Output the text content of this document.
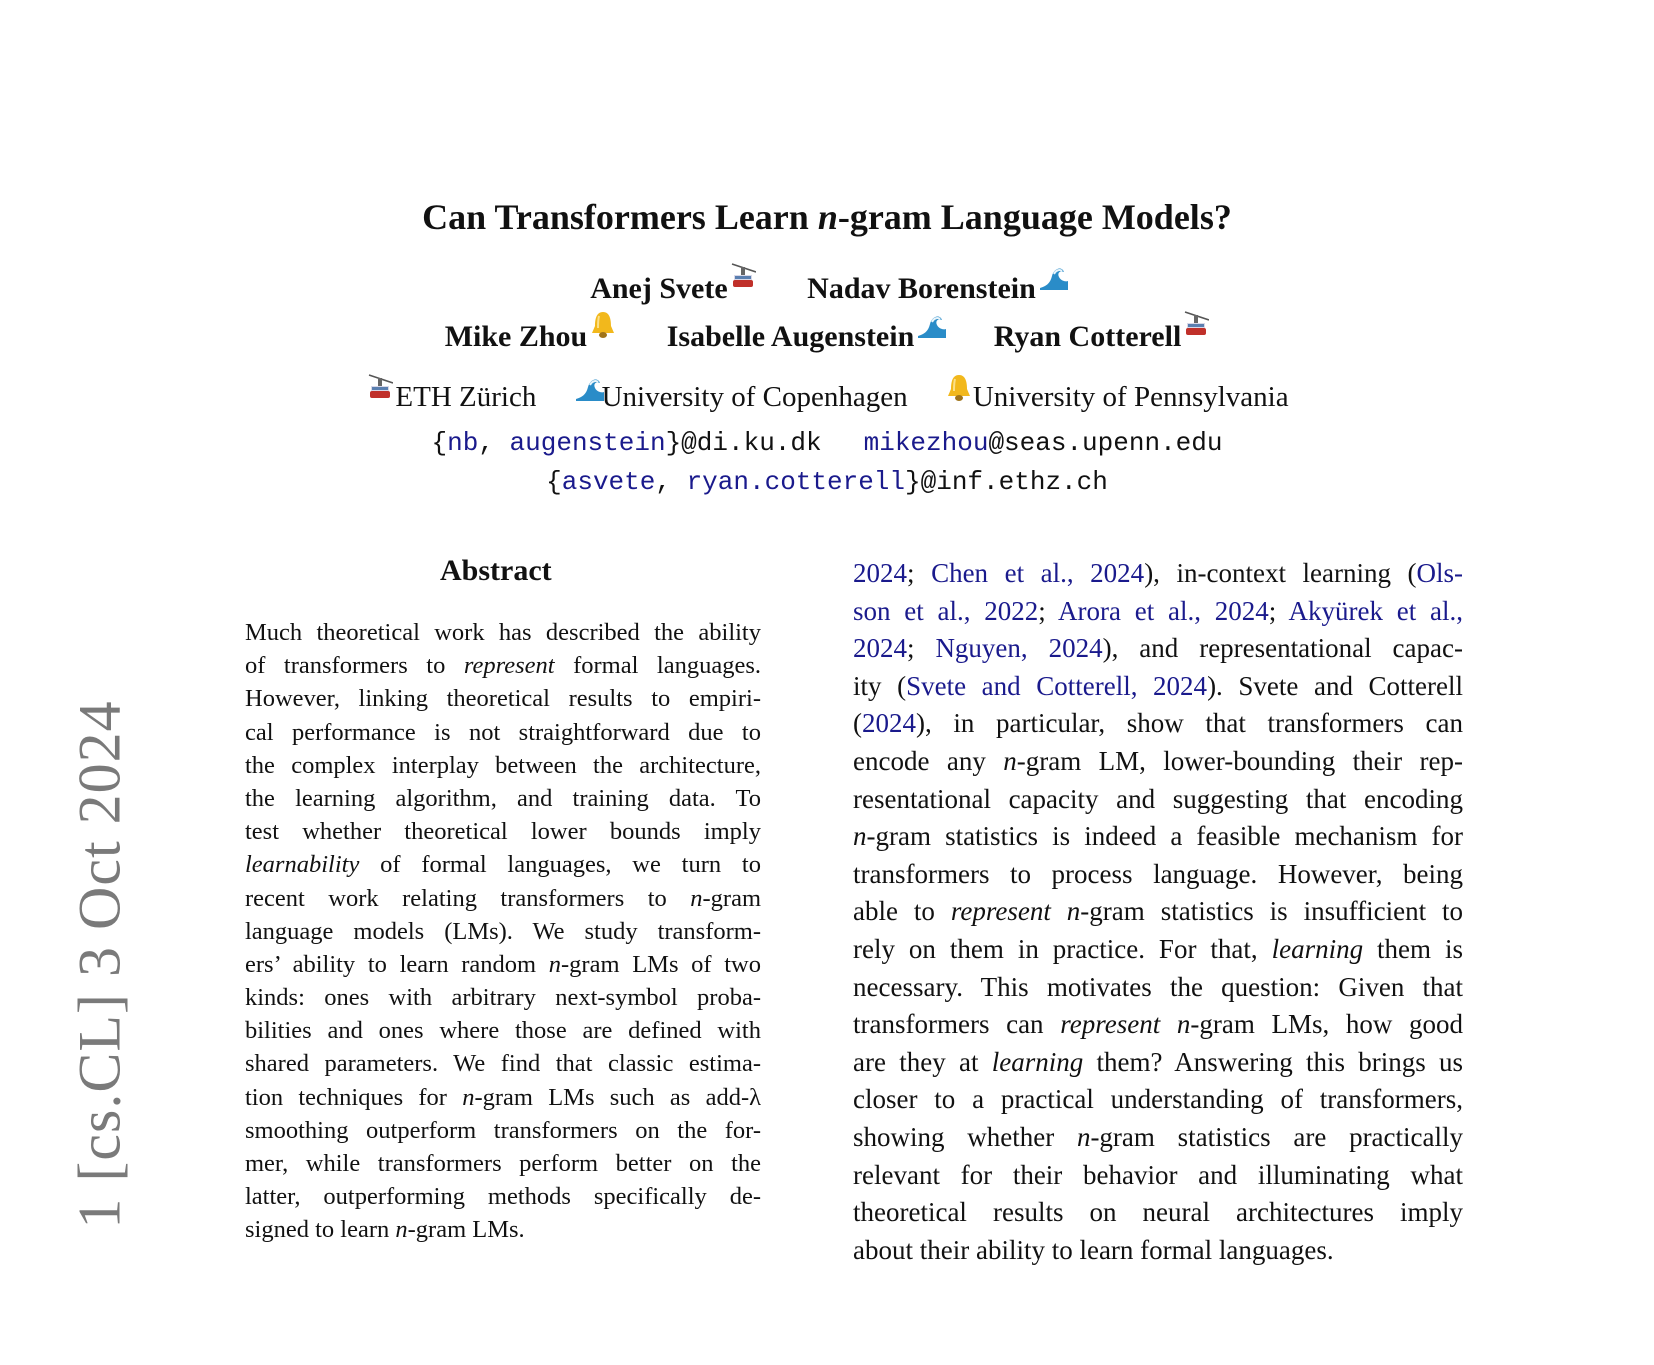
1 [cs.CL] 3 Oct 2024
Can Transformers Learn n-gram Language Models?
Anej Svete	Nadav Borenstein
Mike Zhou	Isabelle Augenstein	Ryan Cotterell
ETH Zürich University of Copenhagen University of Pennsylvania
{nb, augenstein}@di.ku.dk mikezhou@seas.upenn.edu
{asvete, ryan.cotterell}@inf.ethz.ch
Abstract
Much theoretical work has described the ability
of transformers to represent formal languages.
However, linking theoretical results to empiri-
cal performance is not straightforward due to
the complex interplay between the architecture,
the learning algorithm, and training data. To
test whether theoretical lower bounds imply
learnability of formal languages, we turn to
recent work relating transformers to n-gram
language models (LMs). We study transform-
ers’ ability to learn random n-gram LMs of two
kinds: ones with arbitrary next-symbol proba-
bilities and ones where those are defined with
shared parameters. We find that classic estima-
tion techniques for n-gram LMs such as add-λ
smoothing outperform transformers on the for-
mer, while transformers perform better on the
latter, outperforming methods specifically de-
signed to learn n-gram LMs.
2024; Chen et al., 2024), in-context learning (Ols-
son et al., 2022; Arora et al., 2024; Akyürek et al.,
2024; Nguyen, 2024), and representational capac-
ity (Svete and Cotterell, 2024). Svete and Cotterell
(2024), in particular, show that transformers can
encode any n-gram LM, lower-bounding their rep-
resentational capacity and suggesting that encoding
n-gram statistics is indeed a feasible mechanism for
transformers to process language. However, being
able to represent n-gram statistics is insufficient to
rely on them in practice. For that, learning them is
necessary. This motivates the question: Given that
transformers can represent n-gram LMs, how good
are they at learning them? Answering this brings us
closer to a practical understanding of transformers,
showing whether n-gram statistics are practically
relevant for their behavior and illuminating what
theoretical results on neural architectures imply
about their ability to learn formal languages.
